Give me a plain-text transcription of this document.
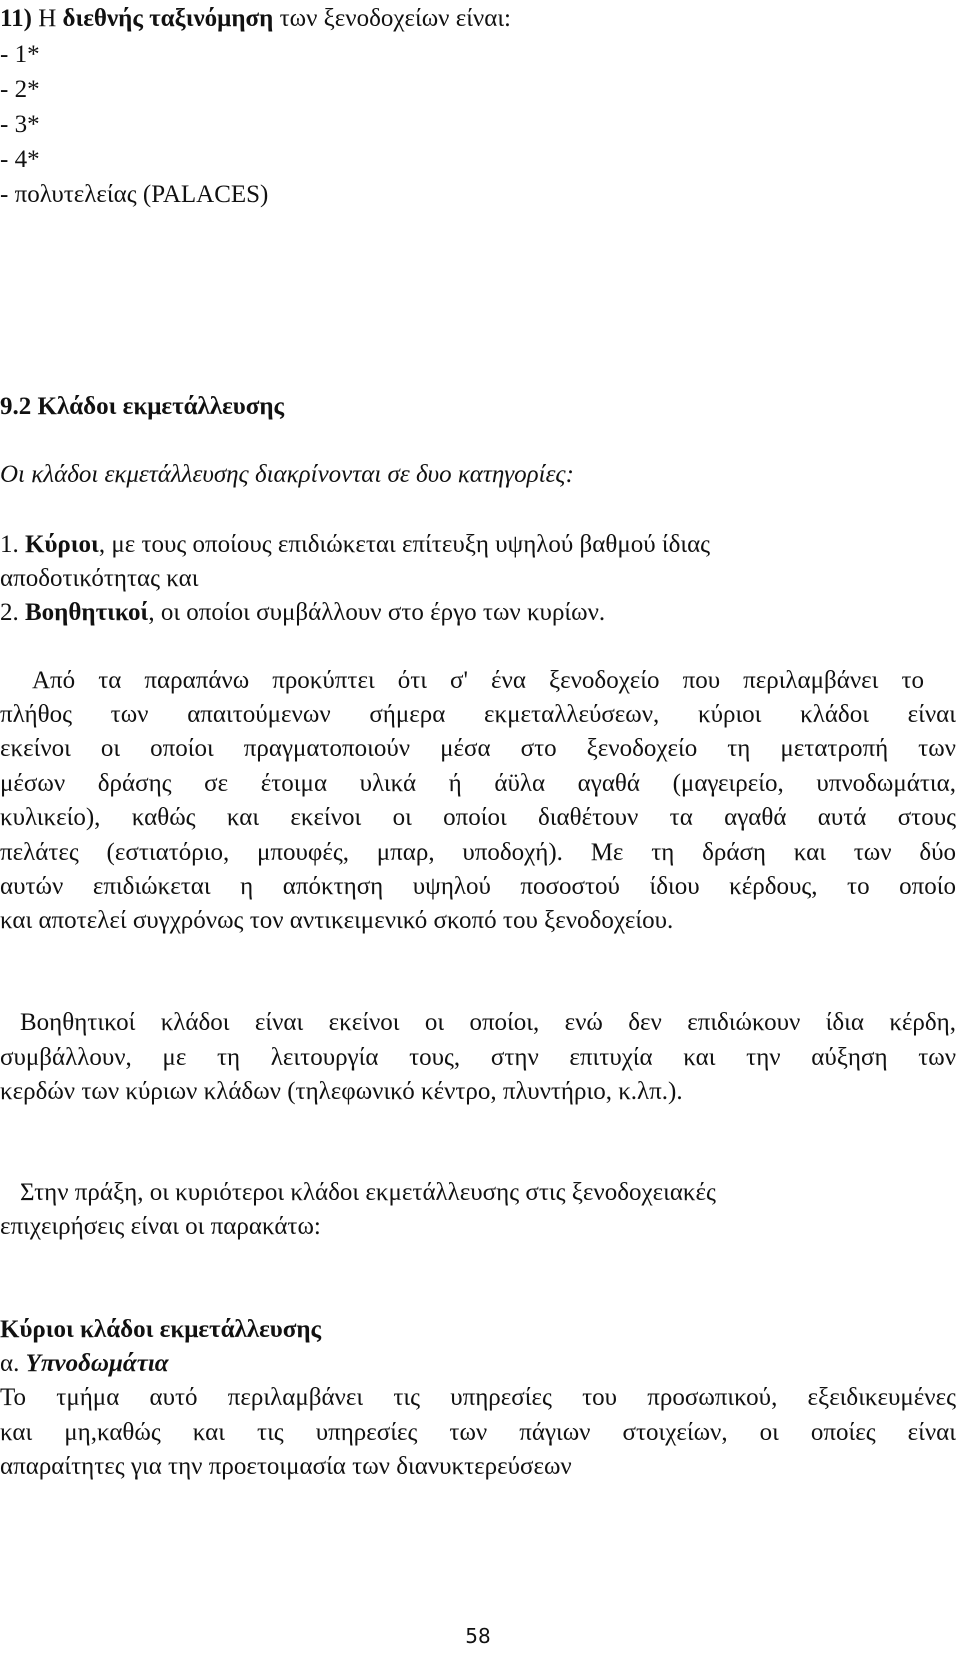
11) Η διεθνής ταξινόμηση των ξενοδοχείων είναι:
- 1*
- 2*
- 3*
- 4*
- πολυτελείας (PALACES)
9.2 Κλάδοι εκμετάλλευσης
Οι κλάδοι εκμετάλλευσης διακρίνονται σε δυο κατηγορίες:
1. Κύριοι, με τους οποίους επιδιώκεται επίτευξη υψηλού βαθμού ίδιας
αποδοτικότητας και
2. Βοηθητικοί, οι οποίοι συμβάλλουν στο έργο των κυρίων.
Από τα παραπάνω προκύπτει ότι σ' ένα ξενοδοχείο που περιλαμβάνει το
πλήθος των απαιτούμενων σήμερα εκμεταλλεύσεων, κύριοι κλάδοι είναι
εκείνοι οι οποίοι πραγματοποιούν μέσα στο ξενοδοχείο τη μετατροπή των
μέσων δράσης σε έτοιμα υλικά ή άϋλα αγαθά (μαγειρείο, υπνοδωμάτια,
κυλικείο), καθώς και εκείνοι οι οποίοι διαθέτουν τα αγαθά αυτά στους
πελάτες (εστιατόριο, μπουφές, μπαρ, υποδοχή). Με τη δράση και των δύο
αυτών επιδιώκεται η απόκτηση υψηλού ποσοστού ίδιου κέρδους, το οποίο
και αποτελεί συγχρόνως τον αντικειμενικό σκοπό του ξενοδοχείου.
Βοηθητικοί κλάδοι είναι εκείνοι οι οποίοι, ενώ δεν επιδιώκουν ίδια κέρδη,
συμβάλλουν, με τη λειτουργία τους, στην επιτυχία και την αύξηση των
κερδών των κύριων κλάδων (τηλεφωνικό κέντρο, πλυντήριο, κ.λπ.).
Στην πράξη, οι κυριότεροι κλάδοι εκμετάλλευσης στις ξενοδοχειακές
επιχειρήσεις είναι οι παρακάτω:
Κύριοι κλάδοι εκμετάλλευσης
α. Υπνοδωμάτια
Το τμήμα αυτό περιλαμβάνει τις υπηρεσίες του προσωπικού, εξειδικευμένες
και μη,καθώς και τις υπηρεσίες των πάγιων στοιχείων, οι οποίες είναι
απαραίτητες για την προετοιμασία των διανυκτερεύσεων
58
